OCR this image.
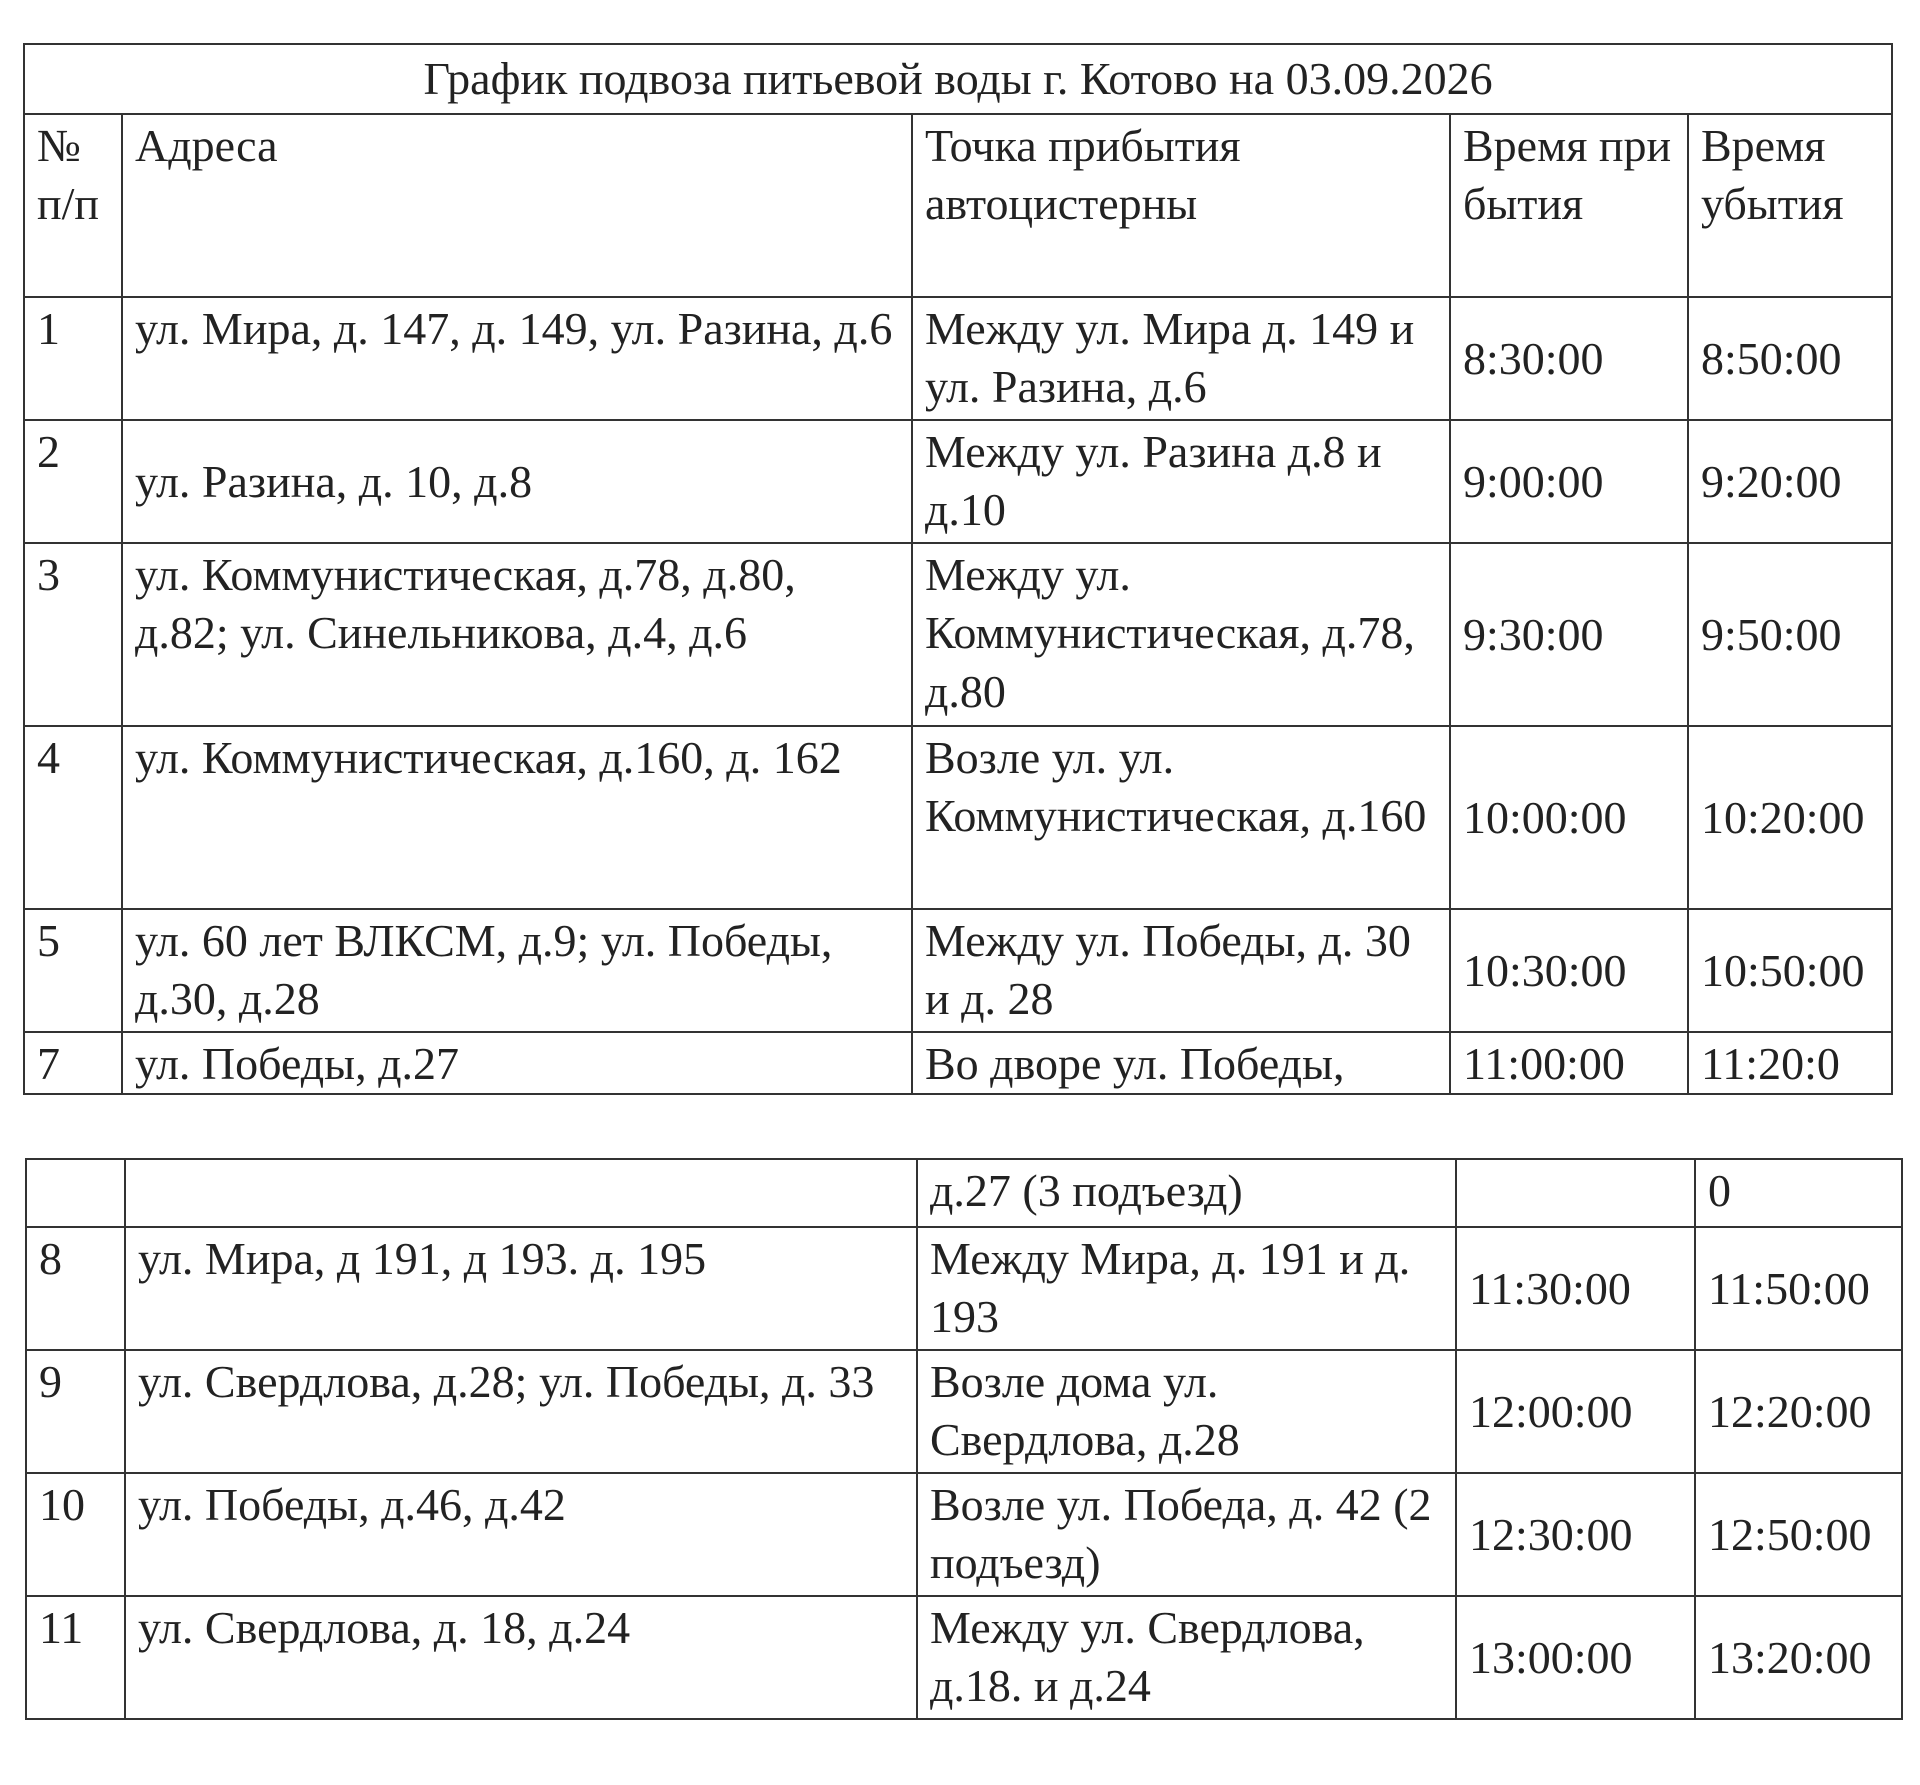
График подвоза питьевой воды г. Котово на 03.09.2026				
№ п/п	Адреса	Точка прибытия автоцистерны	Время прибытия	Время убытия
1	ул. Мира, д. 147, д. 149, ул. Разина, д.6	Между ул. Мира д. 149 и ул. Разина, д.6	8:30:00	8:50:00
2	ул. Разина, д. 10, д.8	Между ул. Разина д.8 и д.10	9:00:00	9:20:00
3	ул. Коммунистическая, д.78, д.80, д.82; ул. Синельникова, д.4, д.6	Между ул. Коммунистическая, д.78, д.80	9:30:00	9:50:00
4	ул. Коммунистическая, д.160, д. 162	Возле ул. ул. Коммунистическая, д.160	10:00:00	10:20:00
5	ул. 60 лет ВЛКСМ, д.9; ул. Победы, д.30, д.28	Между ул. Победы, д. 30 и д. 28	10:30:00	10:50:00
7	ул. Победы, д.27	Во дворе ул. Победы,	11:00:00	11:20:0
		д.27 (3 подъезд)		0
8	ул. Мира, д 191, д 193. д. 195	Между Мира, д. 191 и д. 193	11:30:00	11:50:00
9	ул. Свердлова, д.28; ул. Победы, д. 33	Возле дома ул. Свердлова, д.28	12:00:00	12:20:00
10	ул. Победы, д.46, д.42	Возле ул. Победа, д. 42 (2 подъезд)	12:30:00	12:50:00
11	ул. Свердлова, д. 18, д.24	Между ул. Свердлова, д.18. и д.24	13:00:00	13:20:00
